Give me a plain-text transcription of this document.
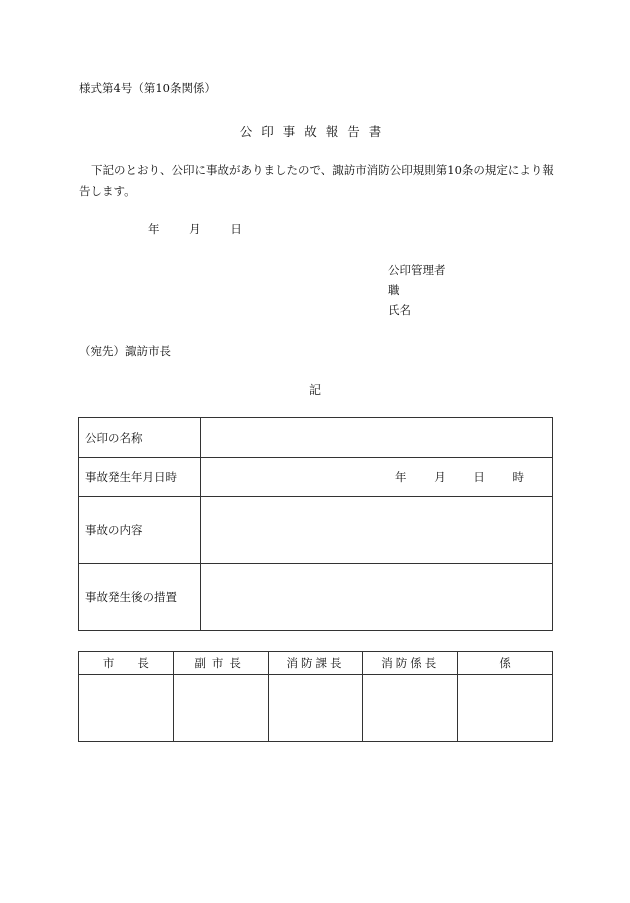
様式第4号（第10条関係）
公印事故報告書
下記のとおり、公印に事故がありましたので、諏訪市消防公印規則第10条の規定により報告します。
年	月	日
公印管理者
職
氏名
（宛先）諏訪市長
記
公印の名称	
事故発生年月日時	年 月 日 時

事故の内容	
事故発生後の措置	
市　　長	副市長	消防課長	消防係長	係
